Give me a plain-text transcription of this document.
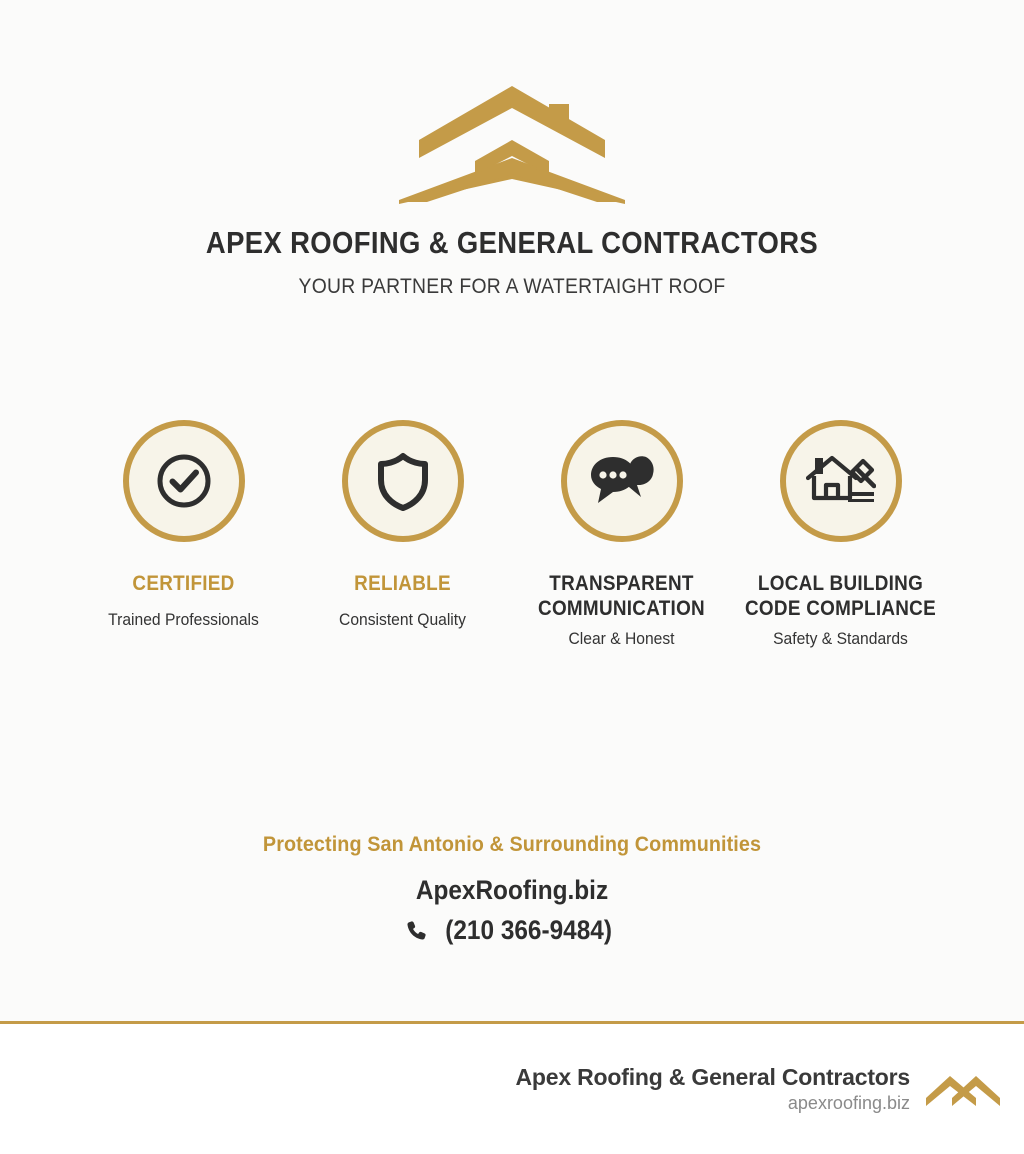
APEX ROOFING & GENERAL CONTRACTORS
YOUR PARTNER FOR A WATERTAIGHT ROOF
CERTIFIED
Trained Professionals
RELIABLE
Consistent Quality
TRANSPARENT COMMUNICATION
Clear & Honest
LOCAL BUILDING CODE COMPLIANCE
Safety & Standards
Protecting San Antonio & Surrounding Communities
ApexRoofing.biz
(210 366-9484)
Apex Roofing & General Contractors
apexroofing.biz
